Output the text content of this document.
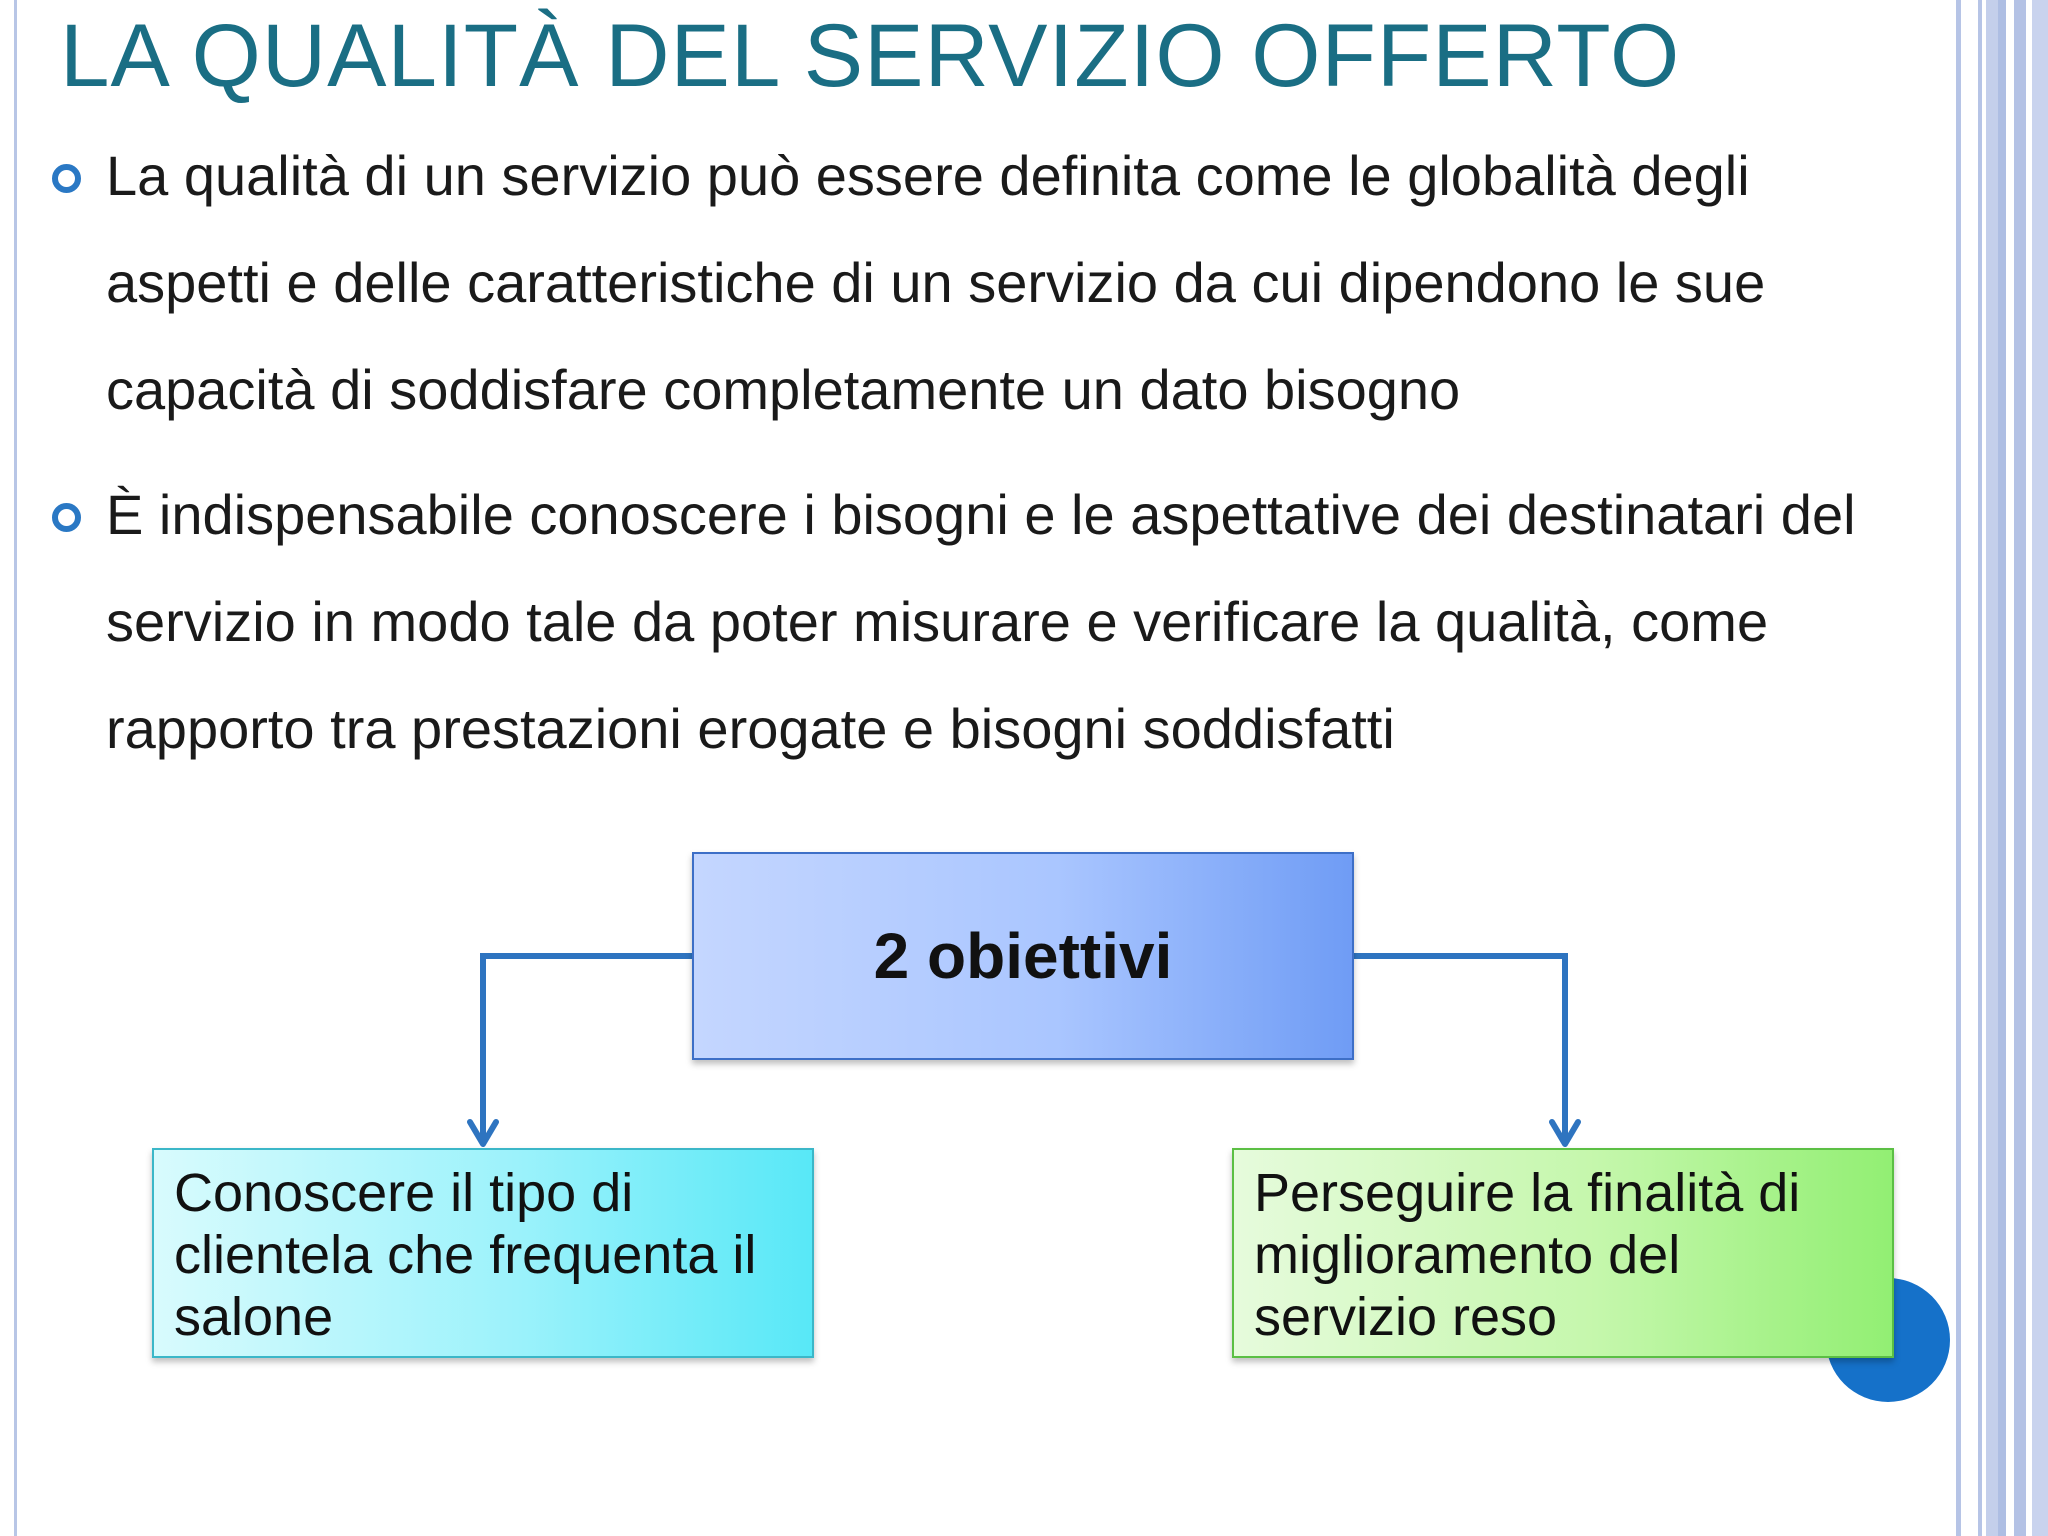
LA QUALITÀ DEL SERVIZIO OFFERTO
La qualità di un servizio può essere definita come le globalità degli aspetti e delle caratteristiche di un servizio da cui dipendono le sue capacità di soddisfare completamente un dato bisogno
È indispensabile conoscere i bisogni e le aspettative dei destinatari del servizio in modo tale da poter misurare e verificare la qualità, come rapporto tra prestazioni erogate e bisogni soddisfatti
2 obiettivi
Conoscere il tipo di clientela che frequenta il salone
Perseguire la finalità di miglioramento del servizio reso
